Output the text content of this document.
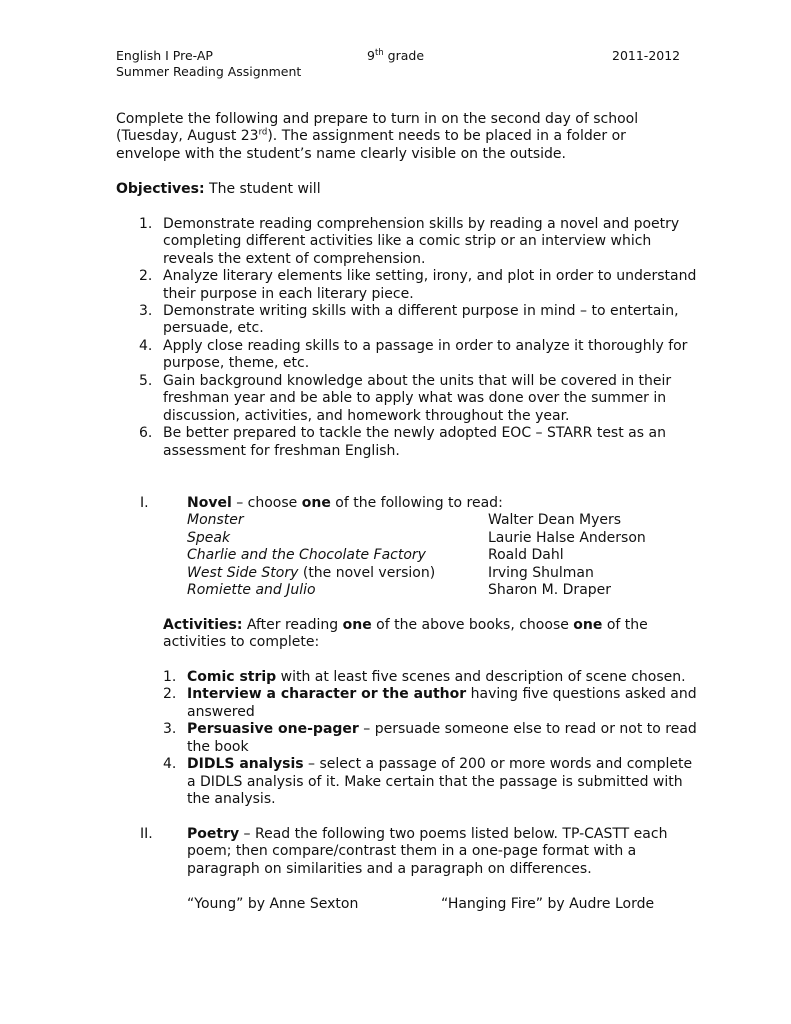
English I Pre-AP	9th grade	2011-2012
Summer Reading Assignment
Complete the following and prepare to turn in on the second day of school
(Tuesday, August 23rd). The assignment needs to be placed in a folder or
envelope with the student’s name clearly visible on the outside.
Objectives: The student will
1. Demonstrate reading comprehension skills by reading a novel and poetry
completing different activities like a comic strip or an interview which
reveals the extent of comprehension.
2. Analyze literary elements like setting, irony, and plot in order to understand
their purpose in each literary piece.
3. Demonstrate writing skills with a different purpose in mind – to entertain,
persuade, etc.
4. Apply close reading skills to a passage in order to analyze it thoroughly for
purpose, theme, etc.
5. Gain background knowledge about the units that will be covered in their
freshman year and be able to apply what was done over the summer in
discussion, activities, and homework throughout the year.
6. Be better prepared to tackle the newly adopted EOC – STARR test as an
assessment for freshman English.
I.	Novel – choose one of the following to read:
Monster	Walter Dean Myers
Speak	Laurie Halse Anderson
Charlie and the Chocolate Factory	Roald Dahl
West Side Story (the novel version)	Irving Shulman
Romiette and Julio	Sharon M. Draper
Activities: After reading one of the above books, choose one of the
activities to complete:
1. Comic strip with at least five scenes and description of scene chosen.
2. Interview a character or the author having five questions asked and
answered
3. Persuasive one-pager – persuade someone else to read or not to read
the book
4. DIDLS analysis – select a passage of 200 or more words and complete
a DIDLS analysis of it. Make certain that the passage is submitted with
the analysis.
II. Poetry – Read the following two poems listed below. TP-CASTT each
poem; then compare/contrast them in a one-page format with a
paragraph on similarities and a paragraph on differences.
“Young” by Anne Sexton	“Hanging Fire” by Audre Lorde
